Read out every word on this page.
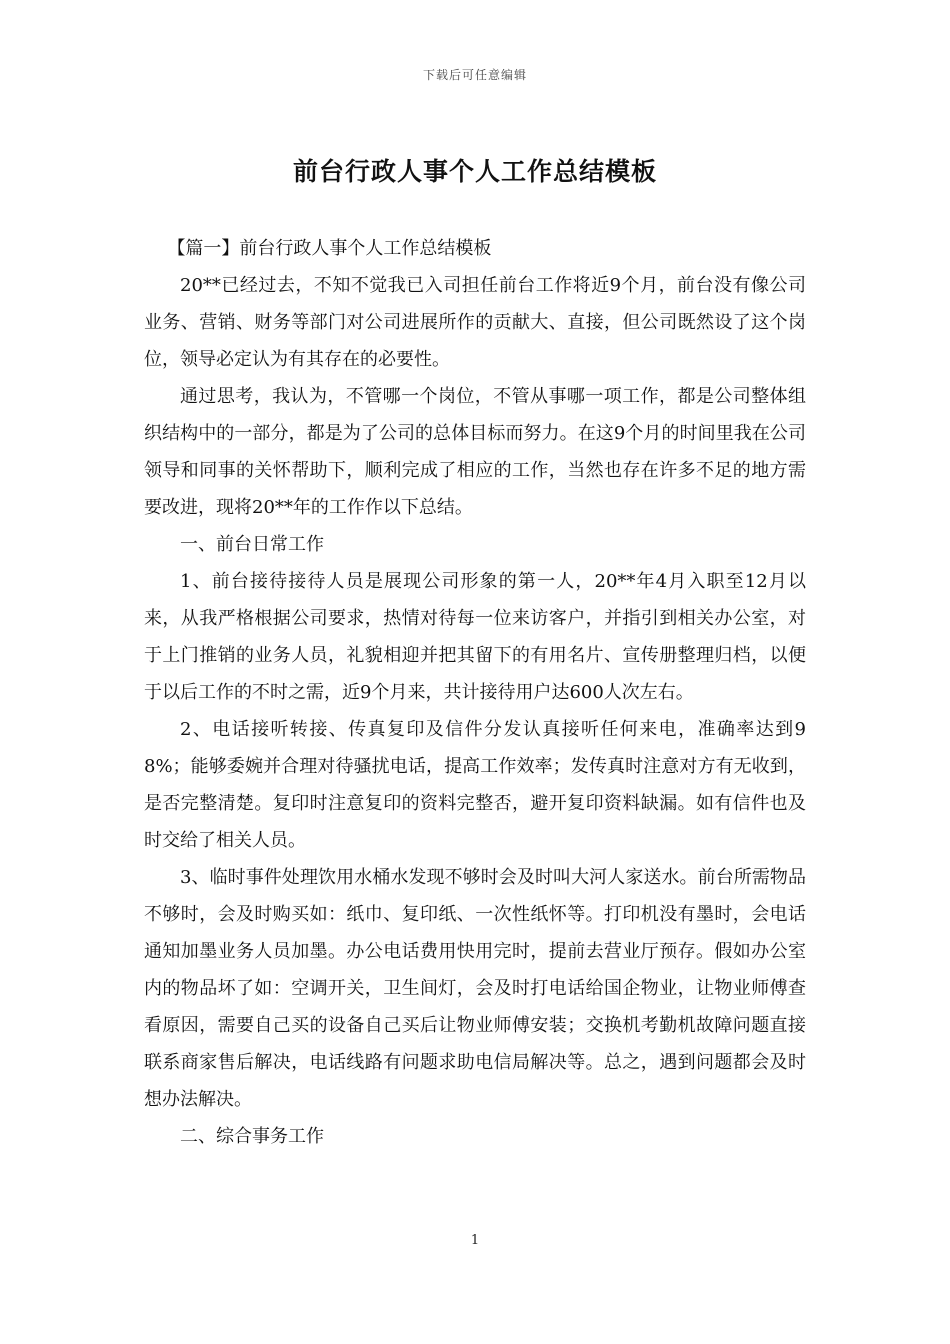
下载后可任意编辑
前台行政人事个人工作总结模板

【篇一】前台行政人事个人工作总结模板

20**已经过去，不知不觉我已入司担任前台工作将近9个月，前台没有像公司业务、营销、财务等部门对公司进展所作的贡献大、直接，但公司既然设了这个岗位，领导必定认为有其存在的必要性。

通过思考，我认为，不管哪一个岗位，不管从事哪一项工作，都是公司整体组织结构中的一部分，都是为了公司的总体目标而努力。在这9个月的时间里我在公司领导和同事的关怀帮助下，顺利完成了相应的工作，当然也存在许多不足的地方需要改进，现将20**年的工作作以下总结。

一、前台日常工作

1、前台接待接待人员是展现公司形象的第一人，20**年4月入职至12月以来，从我严格根据公司要求，热情对待每一位来访客户，并指引到相关办公室，对于上门推销的业务人员，礼貌相迎并把其留下的有用名片、宣传册整理归档，以便于以后工作的不时之需，近9个月来，共计接待用户达600人次左右。

2、电话接听转接、传真复印及信件分发认真接听任何来电，准确率达到98%；能够委婉并合理对待骚扰电话，提高工作效率；发传真时注意对方有无收到，是否完整清楚。复印时注意复印的资料完整否，避开复印资料缺漏。如有信件也及时交给了相关人员。

3、临时事件处理饮用水桶水发现不够时会及时叫大河人家送水。前台所需物品不够时，会及时购买如：纸巾、复印纸、一次性纸怀等。打印机没有墨时，会电话通知加墨业务人员加墨。办公电话费用快用完时，提前去营业厅预存。假如办公室内的物品坏了如：空调开关，卫生间灯，会及时打电话给国企物业，让物业师傅查看原因，需要自己买的设备自己买后让物业师傅安装；交换机考勤机故障问题直接联系商家售后解决，电话线路有问题求助电信局解决等。总之，遇到问题都会及时想办法解决。

二、综合事务工作

1
